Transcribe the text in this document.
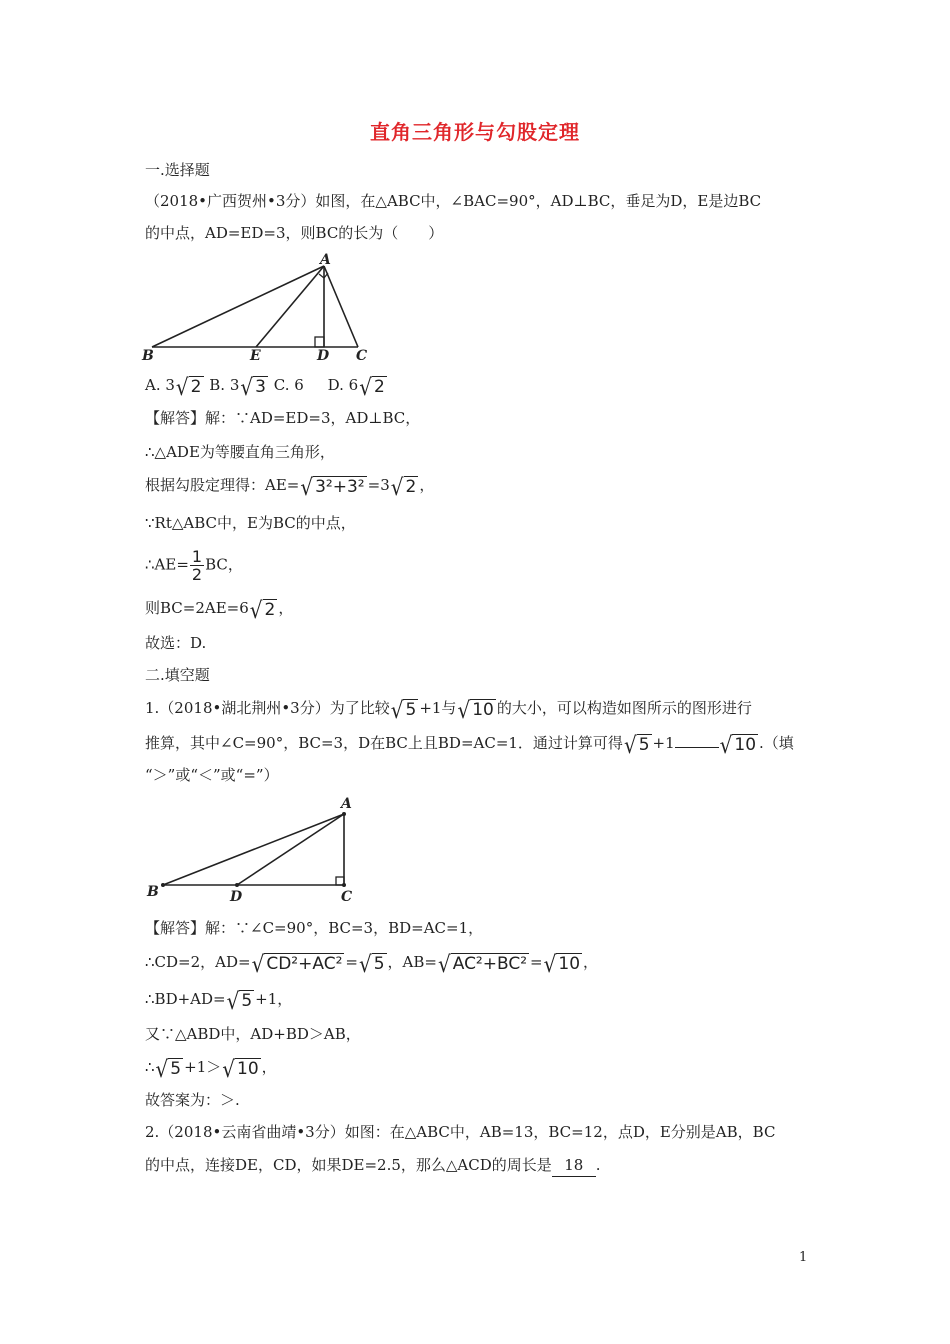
直角三角形与勾股定理
一.选择题
（2018•广西贺州•3分）如图，在△ABC中，∠BAC=90°，AD⊥BC，垂足为D，E是边BC
的中点，AD=ED=3，则BC的长为（　　）
A
B	E	D C
A. 3 √ 2 B. 3 √ 3 C. 6 D. 6 √ 2
【解答】解：∵AD=ED=3，AD⊥BC，
∴△ADE为等腰直角三角形，
根据勾股定理得：AE= √ 3²+3² =3 √ 2 ，
∵Rt△ABC中，E为BC的中点，
∴AE= $\frac{1}{2}$ BC，
则BC=2AE=6 √ 2 ，
故选：D.
二.填空题
1.（2018•湖北荆州•3分）为了比较 √ 5 +1与 √ 10 的大小，可以构造如图所示的图形进行
推算，其中∠C=90°，BC=3，D在BC上且BD=AC=1．通过计算可得 √ 5 +1 √ 10 .（填
“＞”或“＜”或“=”）
A
B	D	C
【解答】解：∵∠C=90°，BC=3，BD=AC=1，
∴CD=2，AD= √ CD²+AC² = √ 5 ，AB= √ AC²+BC² = √ 10 ，
∴BD+AD= √ 5 +1，
又∵△ABD中，AD+BD＞AB，
∴ √ 5 +1＞ √ 10 ，
故答案为：＞.
2.（2018•云南省曲靖•3分）如图：在△ABC中，AB=13，BC=12，点D，E分别是AB，BC
的中点，连接DE，CD，如果DE=2.5，那么△ACD的周长是 18 .
1
